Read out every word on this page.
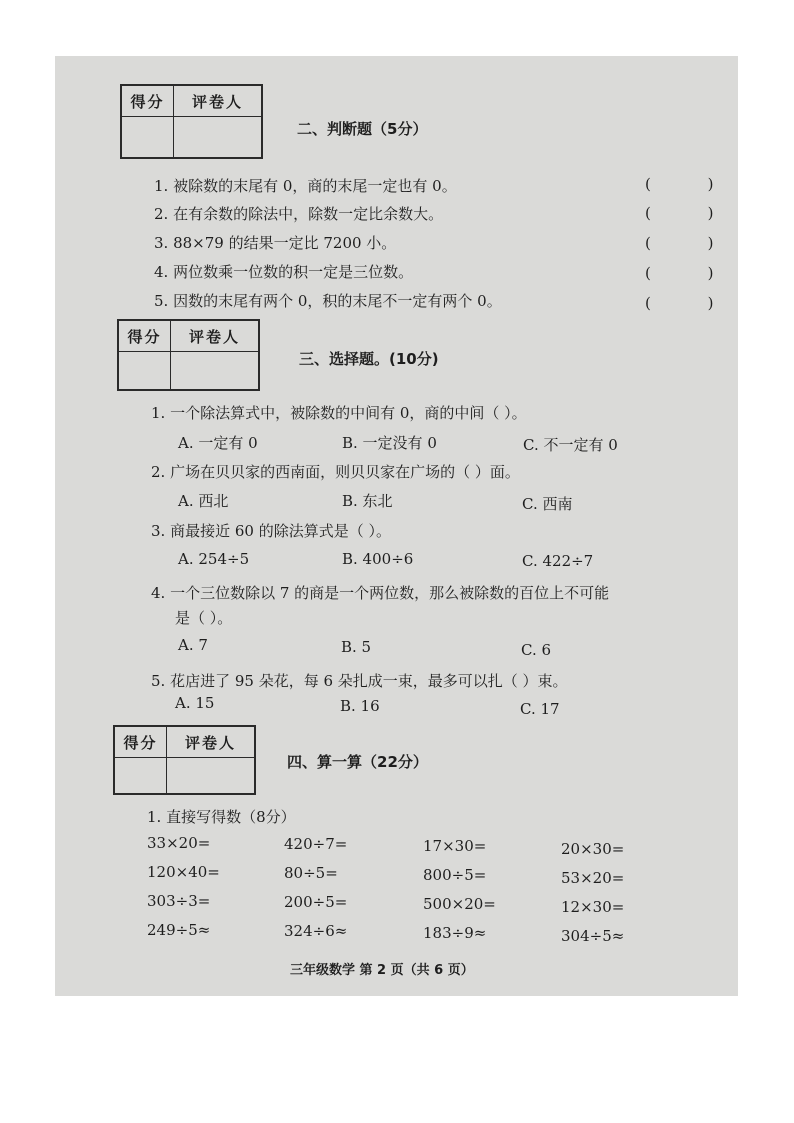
得分	评卷人
二、判断题（5分）
1. 被除数的末尾有 0，商的末尾一定也有 0。	( )
2. 在有余数的除法中，除数一定比余数大。	( )
3. 88×79 的结果一定比 7200 小。	( )
4. 两位数乘一位数的积一定是三位数。	( )
5. 因数的末尾有两个 0，积的末尾不一定有两个 0。	( )
得分	评卷人
三、选择题。(10分)
1. 一个除法算式中，被除数的中间有 0，商的中间（ ）。
A. 一定有 0	B. 一定没有 0	C. 不一定有 0
2. 广场在贝贝家的西南面，则贝贝家在广场的（ ）面。
A. 西北	B. 东北	C. 西南
3. 商最接近 60 的除法算式是（ ）。
A. 254÷5	B. 400÷6	C. 422÷7
4. 一个三位数除以 7 的商是一个两位数，那么被除数的百位上不可能
是（ ）。
A. 7	B. 5	C. 6
5. 花店进了 95 朵花，每 6 朵扎成一束，最多可以扎（ ）束。
A. 15	B. 16	C. 17
得分	评卷人
四、算一算（22分）
1. 直接写得数（8分）
33×20=	420÷7=	17×30=	20×30=
120×40=	80÷5=	800÷5=	53×20=
303÷3=	200÷5=	500×20=	12×30=
249÷5≈	324÷6≈	183÷9≈	304÷5≈
三年级数学 第 2 页（共 6 页）
